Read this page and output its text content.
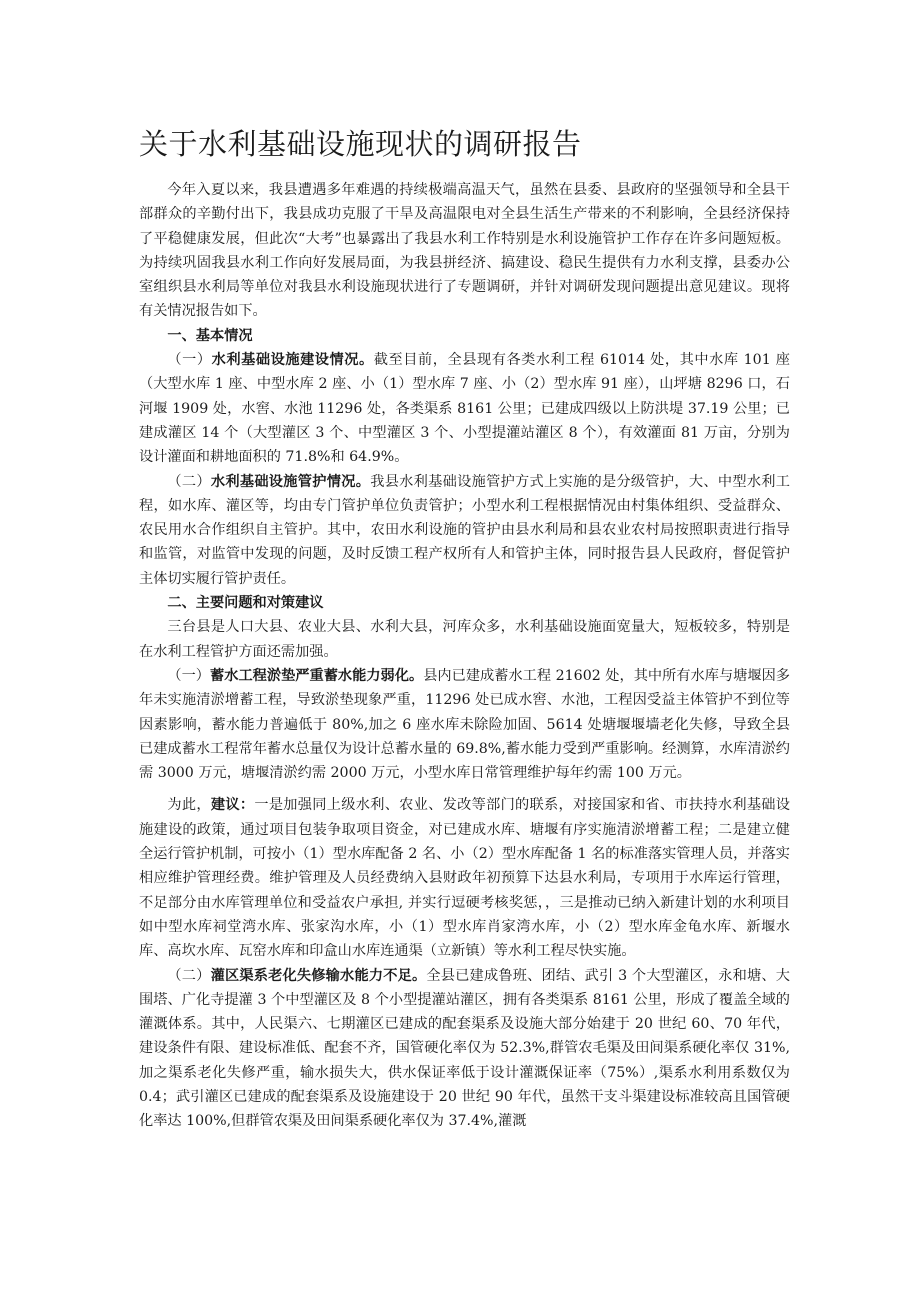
关于水利基础设施现状的调研报告

今年入夏以来，我县遭遇多年难遇的持续极端高温天气，虽然在县委、县政府的坚强领导和全县干部群众的辛勤付出下，我县成功克服了干旱及高温限电对全县生活生产带来的不利影响，全县经济保持了平稳健康发展，但此次“大考”也暴露出了我县水利工作特别是水利设施管护工作存在许多问题短板。为持续巩固我县水利工作向好发展局面，为我县拼经济、搞建设、稳民生提供有力水利支撑，县委办公室组织县水利局等单位对我县水利设施现状进行了专题调研，并针对调研发现问题提出意见建议。现将有关情况报告如下。

一、基本情况

（一）水利基础设施建设情况。截至目前，全县现有各类水利工程 61014 处，其中水库 101 座（大型水库 1 座、中型水库 2 座、小（1）型水库 7 座、小（2）型水库 91 座），山坪塘 8296 口，石河堰 1909 处，水窖、水池 11296 处，各类渠系 8161 公里；已建成四级以上防洪堤 37.19 公里；已建成灌区 14 个（大型灌区 3 个、中型灌区 3 个、小型提灌站灌区 8 个），有效灌面 81 万亩，分别为设计灌面和耕地面积的 71.8%和 64.9%。

（二）水利基础设施管护情况。我县水利基础设施管护方式上实施的是分级管护，大、中型水利工程，如水库、灌区等，均由专门管护单位负责管护；小型水利工程根据情况由村集体组织、受益群众、农民用水合作组织自主管护。其中，农田水利设施的管护由县水利局和县农业农村局按照职责进行指导和监管，对监管中发现的问题，及时反馈工程产权所有人和管护主体，同时报告县人民政府，督促管护主体切实履行管护责任。

二、主要问题和对策建议

三台县是人口大县、农业大县、水利大县，河库众多，水利基础设施面宽量大，短板较多，特别是在水利工程管护方面还需加强。

（一）蓄水工程淤垫严重蓄水能力弱化。县内已建成蓄水工程 21602 处，其中所有水库与塘堰因多年未实施清淤增蓄工程，导致淤垫现象严重，11296 处已成水窖、水池，工程因受益主体管护不到位等因素影响，蓄水能力普遍低于 80%,加之 6 座水库未除险加固、5614 处塘堰堰墙老化失修，导致全县已建成蓄水工程常年蓄水总量仅为设计总蓄水量的 69.8%,蓄水能力受到严重影响。经测算，水库清淤约需 3000 万元，塘堰清淤约需 2000 万元，小型水库日常管理维护每年约需 100 万元。

为此，建议：一是加强同上级水利、农业、发改等部门的联系，对接国家和省、市扶持水利基础设施建设的政策，通过项目包装争取项目资金，对已建成水库、塘堰有序实施清淤增蓄工程；二是建立健全运行管护机制，可按小（1）型水库配备 2 名、小（2）型水库配备 1 名的标准落实管理人员，并落实相应维护管理经费。维护管理及人员经费纳入县财政年初预算下达县水利局，专项用于水库运行管理，不足部分由水库管理单位和受益农户承担, 并实行逗硬考核奖惩，，三是推动已纳入新建计划的水利项目如中型水库祠堂湾水库、张家沟水库，小（1）型水库肖家湾水库，小（2）型水库金龟水库、新堰水库、高坎水库、瓦窑水库和印盒山水库连通渠（立新镇）等水利工程尽快实施。

（二）灌区渠系老化失修输水能力不足。全县已建成鲁班、团结、武引 3 个大型灌区，永和塘、大围塔、广化寺提灌 3 个中型灌区及 8 个小型提灌站灌区，拥有各类渠系 8161 公里，形成了覆盖全域的灌溉体系。其中，人民渠六、七期灌区已建成的配套渠系及设施大部分始建于 20 世纪 60、70 年代，建设条件有限、建设标准低、配套不齐，国管硬化率仅为 52.3%,群管农毛渠及田间渠系硬化率仅 31%,加之渠系老化失修严重，输水损失大，供水保证率低于设计灌溉保证率（75%）,渠系水利用系数仅为 0.4；武引灌区已建成的配套渠系及设施建设于 20 世纪 90 年代，虽然干支斗渠建设标准较高且国管硬化率达 100%,但群管农渠及田间渠系硬化率仅为 37.4%,灌溉
